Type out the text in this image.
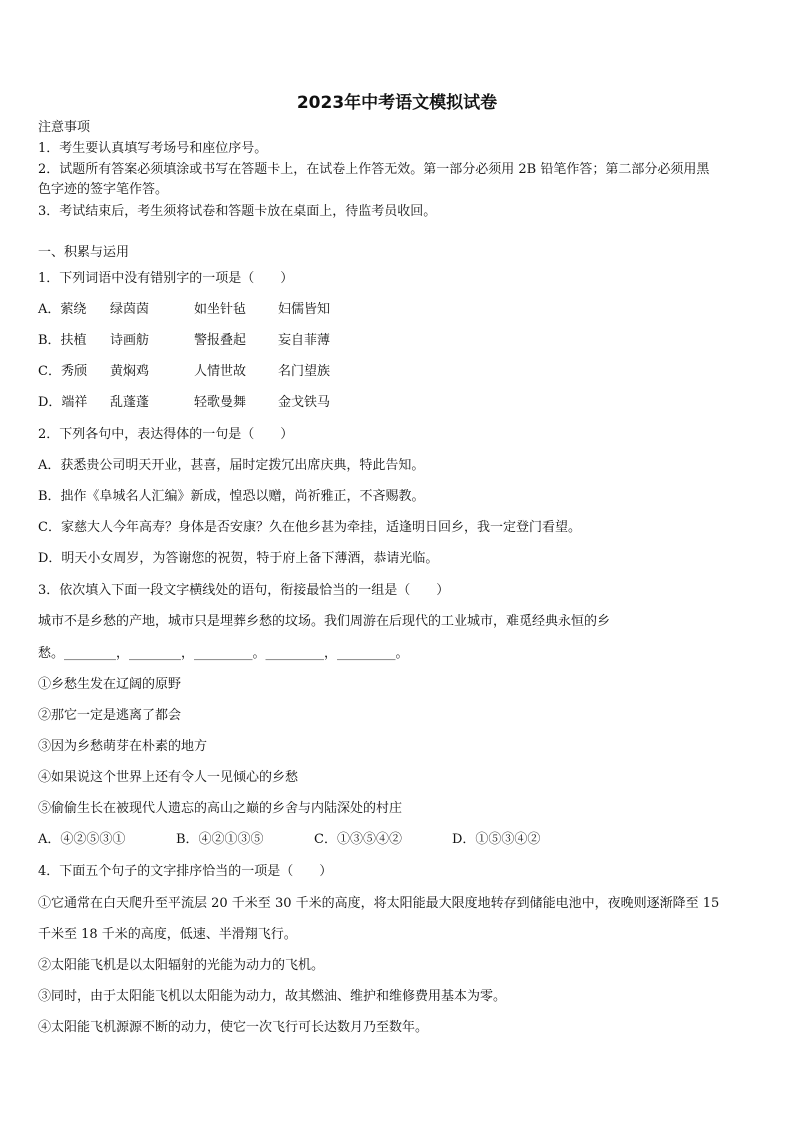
2023年中考语文模拟试卷
注意事项
1．考生要认真填写考场号和座位序号。
2．试题所有答案必须填涂或书写在答题卡上，在试卷上作答无效。第一部分必须用 2B 铅笔作答；第二部分必须用黑
色字迹的签字笔作答。
3．考试结束后，考生须将试卷和答题卡放在桌面上，待监考员收回。
一、积累与运用
1．下列词语中没有错别字的一项是（　　）
A．萦绕 绿茵茵	如坐针毡 妇儒皆知
B．扶植 诗画舫	警报叠起 妄自菲薄
C．秀颀 黄焖鸡	人情世故 名门望族
D．端祥 乱蓬蓬	轻歌曼舞 金戈铁马
2．下列各句中，表达得体的一句是（　　）
A．获悉贵公司明天开业，甚喜，届时定拨冗出席庆典，特此告知。
B．拙作《阜城名人汇编》新成，惶恐以赠，尚祈雅正，不吝赐教。
C．家慈大人今年高寿？身体是否安康？久在他乡甚为牵挂，适逢明日回乡，我一定登门看望。
D．明天小女周岁，为答谢您的祝贺，特于府上备下薄酒，恭请光临。
3．依次填入下面一段文字横线处的语句，衔接最恰当的一组是（　　）
城市不是乡愁的产地，城市只是埋葬乡愁的坟场。我们周游在后现代的工业城市，难觅经典永恒的乡
愁。________，________，_________。_________，_________。
①乡愁生发在辽阔的原野
②那它一定是逃离了都会
③因为乡愁萌芽在朴素的地方
④如果说这个世界上还有令人一见倾心的乡愁
⑤偷偷生长在被现代人遗忘的高山之巅的乡舍与内陆深处的村庄
A．④②⑤③①	B．④②①③⑤	C．①③⑤④②	D．①⑤③④②
4．下面五个句子的文字排序恰当的一项是（　　）
①它通常在白天爬升至平流层 20 千米至 30 千米的高度，将太阳能最大限度地转存到储能电池中，夜晚则逐渐降至 15
千米至 18 千米的高度，低速、半滑翔飞行。
②太阳能飞机是以太阳辐射的光能为动力的飞机。
③同时，由于太阳能飞机以太阳能为动力，故其燃油、维护和维修费用基本为零。
④太阳能飞机源源不断的动力，使它一次飞行可长达数月乃至数年。
